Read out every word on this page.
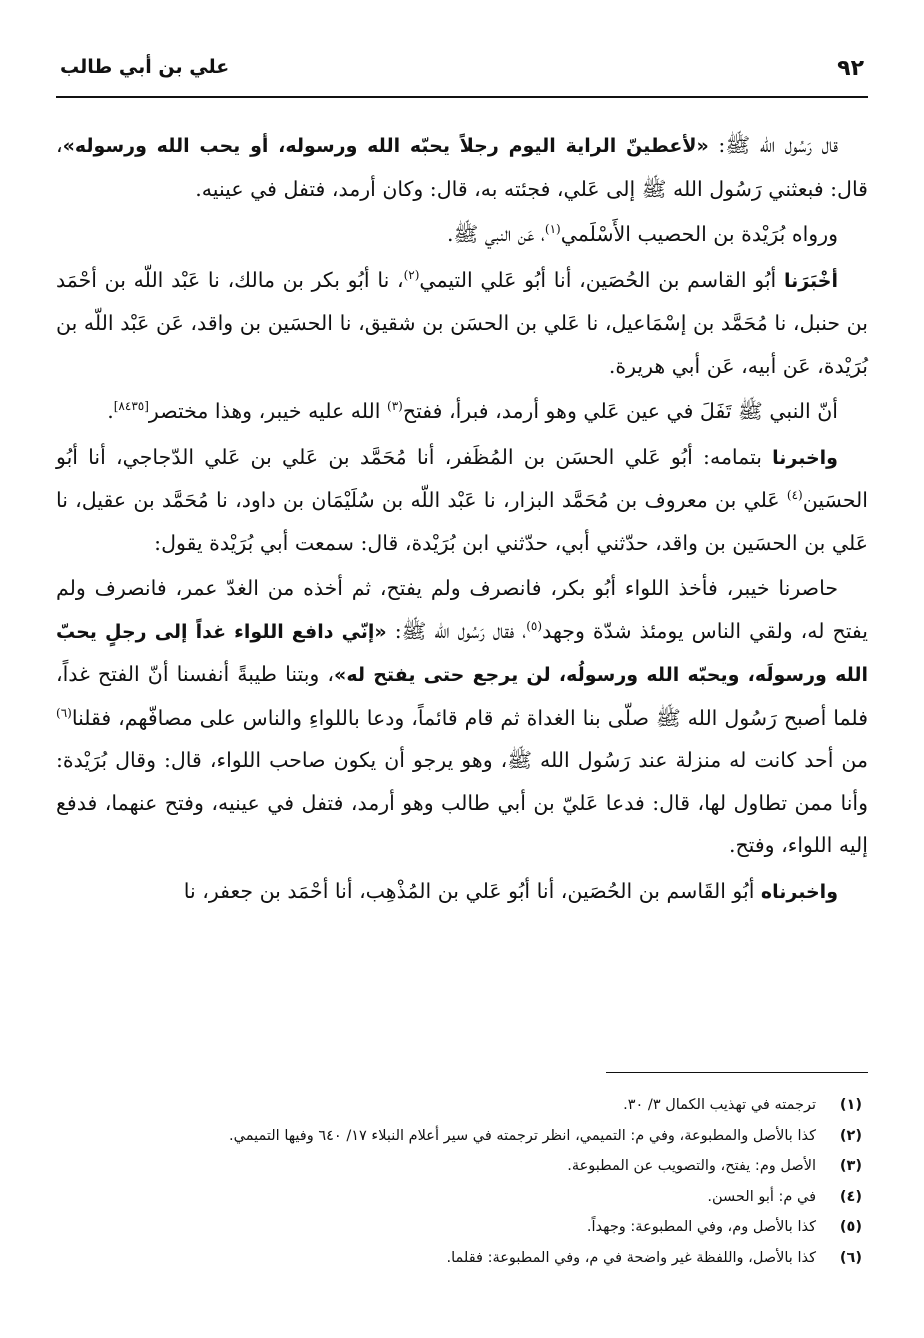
٩٢
علي بن أبي طالب

قال رَسُول الله ﷺ: «لأعطينّ الراية اليوم رجلاً يحبّه الله ورسوله، أو يحب الله ورسوله»، قال: فبعثني رَسُول الله ﷺ إلى عَلي، فجئته به، قال: وكان أرمد، فتفل في عينيه.

ورواه بُرَيْدة بن الحصيب الأَسْلَمي$^{(١)}$، عَن النبي ﷺ.

أخْبَرَنا أبُو القاسم بن الحُصَين، أنا أبُو عَلي التيمي$^{(٢)}$، نا أبُو بكر بن مالك، نا عَبْد اللّه بن أحْمَد بن حنبل، نا مُحَمَّد بن إسْمَاعيل، نا عَلي بن الحسَن بن شقيق، نا الحسَين بن واقد، عَن عَبْد اللّه بن بُرَيْدة، عَن أبيه، عَن أبي هريرة.

أنّ النبي ﷺ تَفَلَ في عين عَلي وهو أرمد، فبرأ، ففتح$^{(٣)}$ الله عليه خيبر، وهذا مختصر[٨٤٣٥].

واخبرنا بتمامه: أبُو عَلي الحسَن بن المُظَفر، أنا مُحَمَّد بن عَلي بن عَلي الدّجاجي، أنا أبُو الحسَين$^{(٤)}$ عَلي بن معروف بن مُحَمَّد البزار، نا عَبْد اللّه بن سُلَيْمَان بن داود، نا مُحَمَّد بن عقيل، نا عَلي بن الحسَين بن واقد، حدّثني أبي، حدّثني ابن بُرَيْدة، قال: سمعت أبي بُرَيْدة يقول:

حاصرنا خيبر، فأخذ اللواء أبُو بكر، فانصرف ولم يفتح، ثم أخذه من الغدّ عمر، فانصرف ولم يفتح له، ولقي الناس يومئذ شدّة وجهد$^{(٥)}$، فقال رَسُول الله ﷺ: «إنّي دافع اللواء غداً إلى رجلٍ يحبّ الله ورسولَه، ويحبّه الله ورسولُه، لن يرجع حتى يفتح له»، وبتنا طيبةً أنفسنا أنّ الفتح غداً، فلما أصبح رَسُول الله ﷺ صلّى بنا الغداة ثم قام قائماً، ودعا باللواءِ والناس على مصافّهم، فقلنا$^{(٦)}$ من أحد كانت له منزلة عند رَسُول الله ﷺ، وهو يرجو أن يكون صاحب اللواء، قال: وقال بُرَيْدة: وأنا ممن تطاول لها، قال: فدعا عَليّ بن أبي طالب وهو أرمد، فتفل في عينيه، وفتح عنهما، فدفع إليه اللواء، وفتح.

واخبرناه أبُو القَاسم بن الحُصَين، أنا أبُو عَلي بن المُذْهِب، أنا أحْمَد بن جعفر، نا

(١)
ترجمته في تهذيب الكمال ٣/ ٣٠.
(٢)
كذا بالأصل والمطبوعة، وفي م: التميمي، انظر ترجمته في سير أعلام النبلاء ١٧/ ٦٤٠ وفيها التميمي.
(٣)
الأصل وم: يفتح، والتصويب عن المطبوعة.
(٤)
في م: أبو الحسن.
(٥)
كذا بالأصل وم، وفي المطبوعة: وجهداً.
(٦)
كذا بالأصل، واللفظة غير واضحة في م، وفي المطبوعة: فقلما.
